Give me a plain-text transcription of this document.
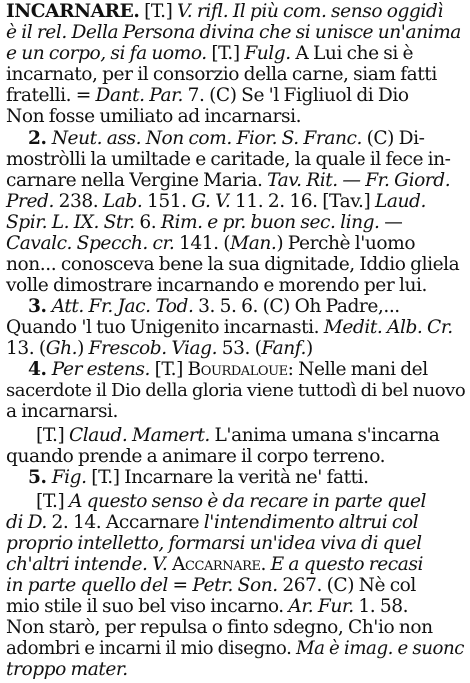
INCARNARE. [T.] V. rifl. Il più com. senso oggidì
è il rel. Della Persona divina che si unisce un'anima
e un corpo, si fa uomo. [T.] Fulg. A Lui che si è
incarnato, per il consorzio della carne, siam fatti
fratelli. = Dant. Par. 7. (C) Se 'l Figliuol di Dio
Non fosse umiliato ad incarnarsi.
2. Neut. ass. Non com. Fior. S. Franc. (C) Di-
mostròlli la umiltade e caritade, la quale il fece in-
carnare nella Vergine Maria. Tav. Rit. — Fr. Giord.
Pred. 238. Lab. 151. G. V. 11. 2. 16. [Tav.] Laud.
Spir. L. IX. Str. 6. Rim. e pr. buon sec. ling. —
Cavalc. Specch. cr. 141. (Man.) Perchè l'uomo
non... conosceva bene la sua dignitade, Iddio gliela
volle dimostrare incarnando e morendo per lui.
3. Att. Fr. Jac. Tod. 3. 5. 6. (C) Oh Padre,...
Quando 'l tuo Unigenito incarnasti. Medit. Alb. Cr.
13. (Gh.) Frescob. Viag. 53. (Fanf.)
4. Per estens. [T.] Bourdaloue: Nelle mani del
sacerdote il Dio della gloria viene tuttodì di bel nuovo
a incarnarsi.
[T.] Claud. Mamert. L'anima umana s'incarna
quando prende a animare il corpo terreno.
5. Fig. [T.] Incarnare la verità ne' fatti.
[T.] A questo senso è da recare in parte quel
di D. 2. 14. Accarnare l'intendimento altrui col
proprio intelletto, formarsi un'idea viva di quel
ch'altri intende. V. Accarnare. E a questo recasi
in parte quello del = Petr. Son. 267. (C) Nè col
mio stile il suo bel viso incarno. Ar. Fur. 1. 58.
Non starò, per repulsa o finto sdegno, Ch'io non
adombri e incarni il mio disegno. Ma è imag. e suonc
troppo mater.
